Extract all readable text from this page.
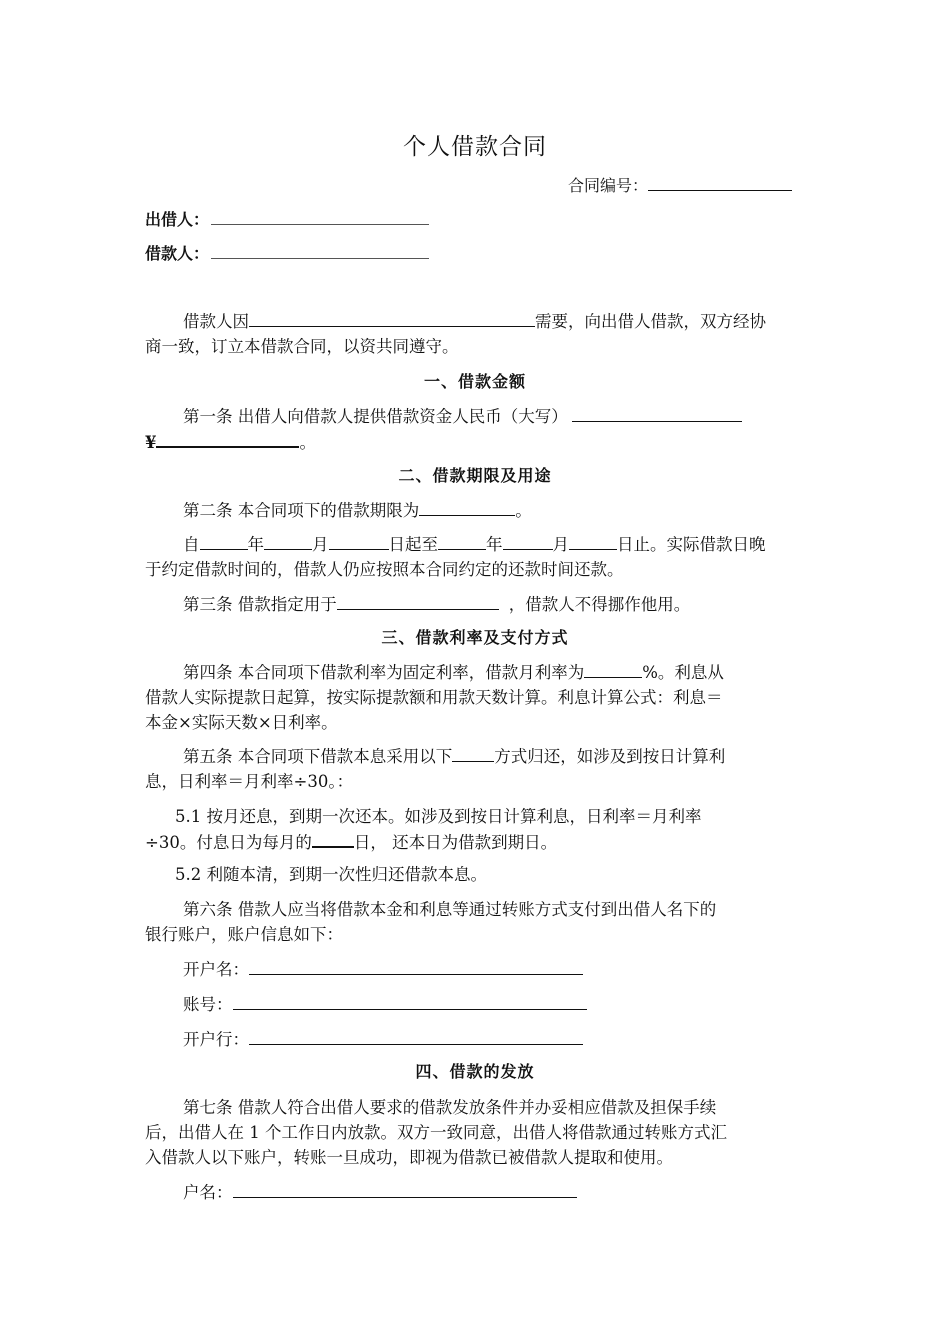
个人借款合同
合同编号：
出借人：
借款人：
借款人因	需要，向出借人借款，双方经协
商一致，订立本借款合同，以资共同遵守。
一、借款金额
第一条 出借人向借款人提供借款资金人民币（大写）
¥	。
二、借款期限及用途
第二条 本合同项下的借款期限为	。
自	年	月	日起至	年	月	日止。实际借款日晚
于约定借款时间的，借款人仍应按照本合同约定的还款时间还款。
第三条 借款指定用于	，借款人不得挪作他用。
三、借款利率及支付方式
第四条 本合同项下借款利率为固定利率，借款月利率为	%。利息从
借款人实际提款日起算，按实际提款额和用款天数计算。利息计算公式：利息＝
本金×实际天数×日利率。
第五条 本合同项下借款本息采用以下	方式归还，如涉及到按日计算利
息，日利率＝月利率÷30。：
5.1 按月还息，到期一次还本。如涉及到按日计算利息，日利率＝月利率
÷30。付息日为每月的	日， 还本日为借款到期日。
5.2 利随本清，到期一次性归还借款本息。
第六条 借款人应当将借款本金和利息等通过转账方式支付到出借人名下的
银行账户，账户信息如下：
开户名：
账号：
开户行：
四、借款的发放
第七条 借款人符合出借人要求的借款发放条件并办妥相应借款及担保手续
后，出借人在 1 个工作日内放款。双方一致同意，出借人将借款通过转账方式汇
入借款人以下账户，转账一旦成功，即视为借款已被借款人提取和使用。
户名：
